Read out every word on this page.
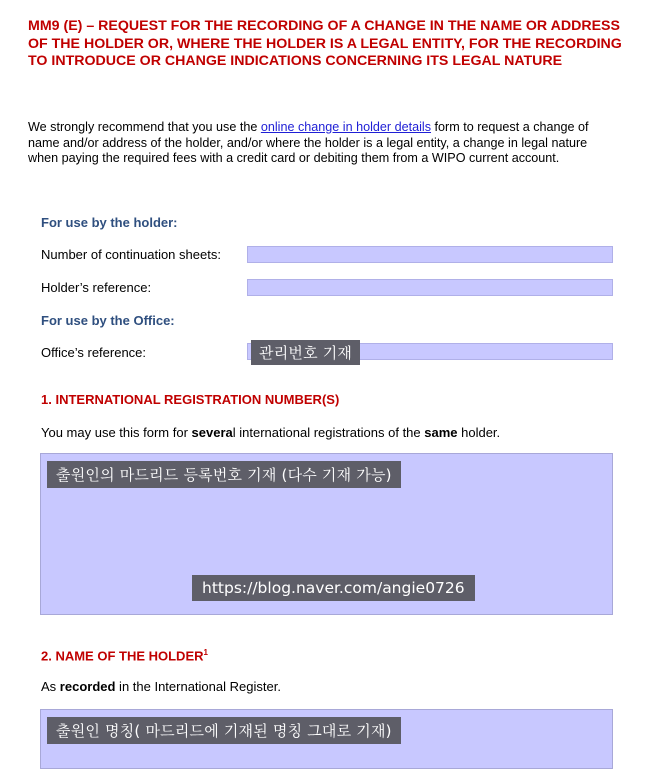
MM9 (E) – REQUEST FOR THE RECORDING OF A CHANGE IN THE NAME OR ADDRESS OF THE HOLDER OR, WHERE THE HOLDER IS A LEGAL ENTITY, FOR THE RECORDING TO INTRODUCE OR CHANGE INDICATIONS CONCERNING ITS LEGAL NATURE
We strongly recommend that you use the online change in holder details form to request a change of name and/or address of the holder, and/or where the holder is a legal entity, a change in legal nature when paying the required fees with a credit card or debiting them from a WIPO current account.
For use by the holder:
Number of continuation sheets:
Holder’s reference:
For use by the Office:
Office’s reference:	관리번호 기재
1. INTERNATIONAL REGISTRATION NUMBER(S)
You may use this form for several international registrations of the same holder.
출원인의 마드리드 등록번호 기재 (다수 기재 가능)
https://blog.naver.com/angie0726
2. NAME OF THE HOLDER$^1$
As recorded in the International Register.
출원인 명칭( 마드리드에 기재된 명칭 그대로 기재)
